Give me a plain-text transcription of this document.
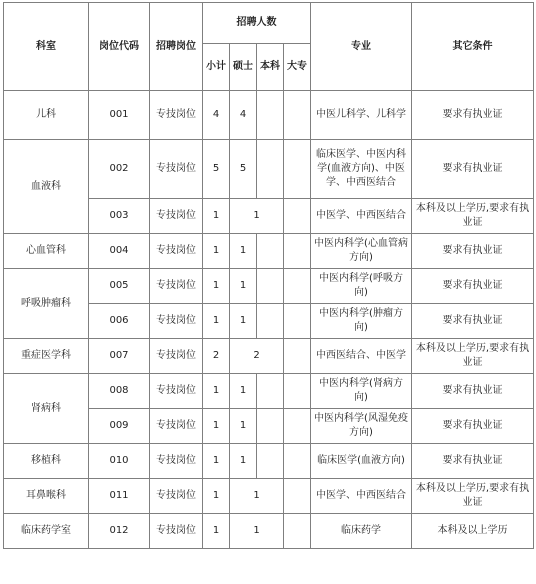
科室	岗位代码	招聘岗位	招聘人数				专业	其它条件
			小计	硕士	本科	大专		
儿科	001	专技岗位	4	4			中医儿科学、儿科学	要求有执业证
血液科	002	专技岗位	5	5			临床医学、中医内科学(血液方向)、中医学、中西医结合	要求有执业证
	003	专技岗位	1	1			中医学、中西医结合	本科及以上学历,要求有执业证
心血管科	004	专技岗位	1	1			中医内科学(心血管病方向)	要求有执业证
呼吸肿瘤科	005	专技岗位	1	1			中医内科学(呼吸方向)	要求有执业证
	006	专技岗位	1	1			中医内科学(肿瘤方向)	要求有执业证
重症医学科	007	专技岗位	2	2			中西医结合、中医学	本科及以上学历,要求有执业证
肾病科	008	专技岗位	1	1			中医内科学(肾病方向)	要求有执业证
	009	专技岗位	1	1			中医内科学(风湿免疫方向)	要求有执业证
移植科	010	专技岗位	1	1			临床医学(血液方向)	要求有执业证
耳鼻喉科	011	专技岗位	1	1			中医学、中西医结合	本科及以上学历,要求有执业证
临床药学室	012	专技岗位	1	1			临床药学	本科及以上学历
